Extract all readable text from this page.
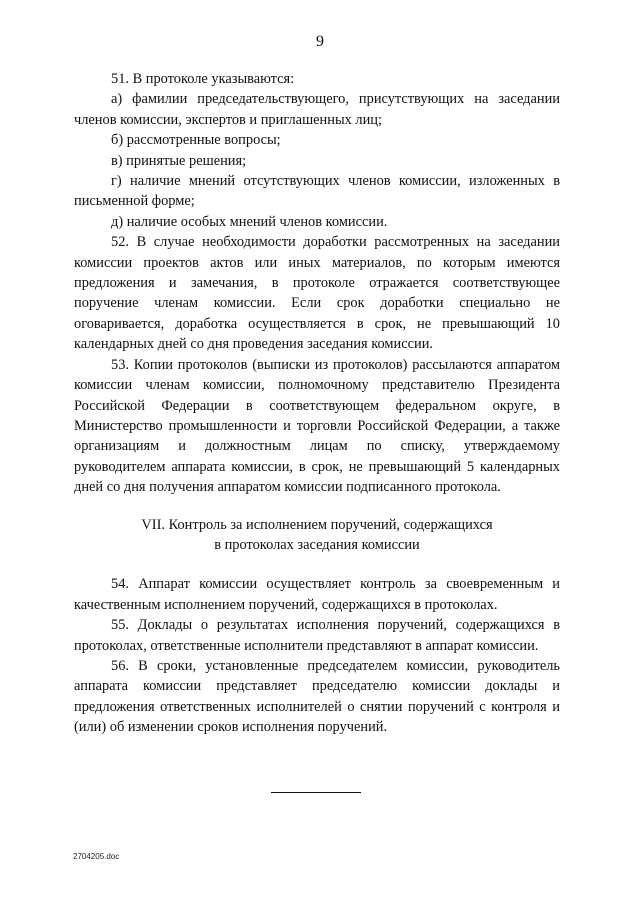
9

51. В протоколе указываются:

а) фамилии председательствующего, присутствующих на заседании членов комиссии, экспертов и приглашенных лиц;

б) рассмотренные вопросы;

в) принятые решения;

г) наличие мнений отсутствующих членов комиссии, изложенных в письменной форме;

д) наличие особых мнений членов комиссии.

52. В случае необходимости доработки рассмотренных на заседании комиссии проектов актов или иных материалов, по которым имеются предложения и замечания, в протоколе отражается соответствующее поручение членам комиссии. Если срок доработки специально не оговаривается, доработка осуществляется в срок, не превышающий 10 календарных дней со дня проведения заседания комиссии.

53. Копии протоколов (выписки из протоколов) рассылаются аппаратом комиссии членам комиссии, полномочному представителю Президента Российской Федерации в соответствующем федеральном округе, в Министерство промышленности и торговли Российской Федерации, а также организациям и должностным лицам по списку, утверждаемому руководителем аппарата комиссии, в срок, не превышающий 5 календарных дней со дня получения аппаратом комиссии подписанного протокола.

VII. Контроль за исполнением поручений, содержащихся
в протоколах заседания комиссии

54. Аппарат комиссии осуществляет контроль за своевременным и качественным исполнением поручений, содержащихся в протоколах.

55. Доклады о результатах исполнения поручений, содержащихся в протоколах, ответственные исполнители представляют в аппарат комиссии.

56. В сроки, установленные председателем комиссии, руководитель аппарата комиссии представляет председателю комиссии доклады и предложения ответственных исполнителей о снятии поручений с контроля и (или) об изменении сроков исполнения поручений.

2704205.doc
